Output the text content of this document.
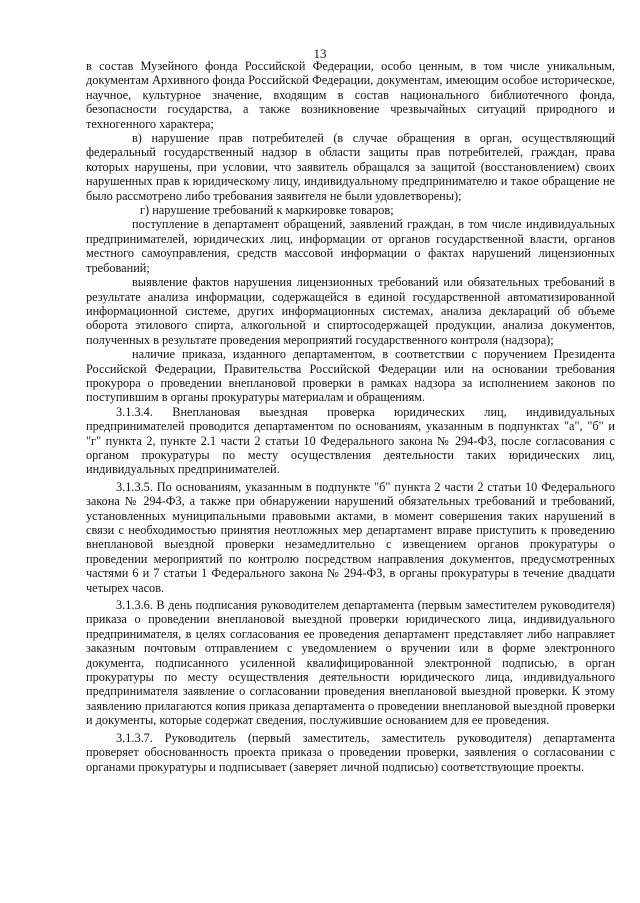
13

в состав Музейного фонда Российской Федерации, особо ценным, в том числе уникальным, документам Архивного фонда Российской Федерации, документам, имеющим особое историческое, научное, культурное значение, входящим в состав национального библиотечного фонда, безопасности государства, а также возникновение чрезвычайных ситуаций природного и техногенного характера;

в) нарушение прав потребителей (в случае обращения в орган, осуществляющий федеральный государственный надзор в области защиты прав потребителей, граждан, права которых нарушены, при условии, что заявитель обращался за защитой (восстановлением) своих нарушенных прав к юридическому лицу, индивидуальному предпринимателю и такое обращение не было рассмотрено либо требования заявителя не были удовлетворены);

г) нарушение требований к маркировке товаров;

поступление в департамент обращений, заявлений граждан, в том числе индивидуальных предпринимателей, юридических лиц, информации от органов государственной власти, органов местного самоуправления, средств массовой информации о фактах нарушений лицензионных требований;

выявление фактов нарушения лицензионных требований или обязательных требований в результате анализа информации, содержащейся в единой государственной автоматизированной информационной системе, других информационных системах, анализа деклараций об объеме оборота этилового спирта, алкогольной и спиртосодержащей продукции, анализа документов, полученных в результате проведения мероприятий государственного контроля (надзора);

наличие приказа, изданного департаментом, в соответствии с поручением Президента Российской Федерации, Правительства Российской Федерации или на основании требования прокурора о проведении внеплановой проверки в рамках надзора за исполнением законов по поступившим в органы прокуратуры материалам и обращениям.

3.1.3.4. Внеплановая выездная проверка юридических лиц, индивидуальных предпринимателей проводится департаментом по основаниям, указанным в подпунктах "а", "б" и "г" пункта 2, пункте 2.1 части 2 статьи 10 Федерального закона № 294-ФЗ, после согласования с органом прокуратуры по месту осуществления деятельности таких юридических лиц, индивидуальных предпринимателей.

3.1.3.5. По основаниям, указанным в подпункте "б" пункта 2 части 2 статьи 10 Федерального закона № 294-ФЗ, а также при обнаружении нарушений обязательных требований и требований, установленных муниципальными правовыми актами, в момент совершения таких нарушений в связи с необходимостью принятия неотложных мер департамент вправе приступить к проведению внеплановой выездной проверки незамедлительно с извещением органов прокуратуры о проведении мероприятий по контролю посредством направления документов, предусмотренных частями 6 и 7 статьи 1 Федерального закона № 294-ФЗ, в органы прокуратуры в течение двадцати четырех часов.

3.1.3.6. В день подписания руководителем департамента (первым заместителем руководителя) приказа о проведении внеплановой выездной проверки юридического лица, индивидуального предпринимателя, в целях согласования ее проведения департамент представляет либо направляет заказным почтовым отправлением с уведомлением о вручении или в форме электронного документа, подписанного усиленной квалифицированной электронной подписью, в орган прокуратуры по месту осуществления деятельности юридического лица, индивидуального предпринимателя заявление о согласовании проведения внеплановой выездной проверки. К этому заявлению прилагаются копия приказа департамента о проведении внеплановой выездной проверки и документы, которые содержат сведения, послужившие основанием для ее проведения.

3.1.3.7. Руководитель (первый заместитель, заместитель руководителя) департамента проверяет обоснованность проекта приказа о проведении проверки, заявления о согласовании с органами прокуратуры и подписывает (заверяет личной подписью) соответствующие проекты.
